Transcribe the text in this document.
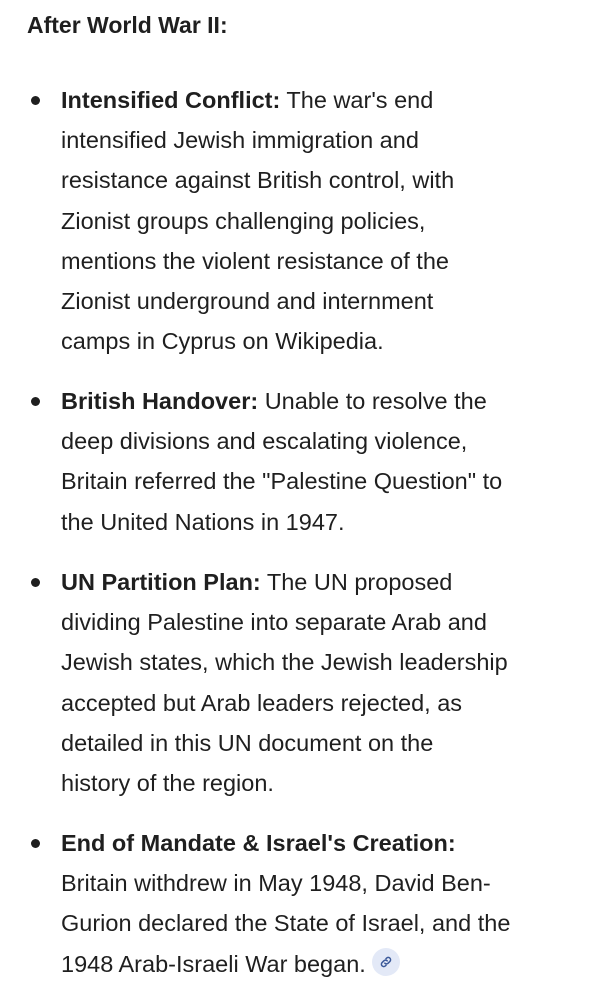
After World War II:

Intensified Conflict: The war's end
intensified Jewish immigration and
resistance against British control, with
Zionist groups challenging policies,
mentions the violent resistance of the
Zionist underground and internment
camps in Cyprus on Wikipedia.

British Handover: Unable to resolve the
deep divisions and escalating violence,
Britain referred the "Palestine Question" to
the United Nations in 1947.

UN Partition Plan: The UN proposed
dividing Palestine into separate Arab and
Jewish states, which the Jewish leadership
accepted but Arab leaders rejected, as
detailed in this UN document on the
history of the region.

End of Mandate & Israel's Creation:
Britain withdrew in May 1948, David Ben-
Gurion declared the State of Israel, and the
1948 Arab-Israeli War began.
